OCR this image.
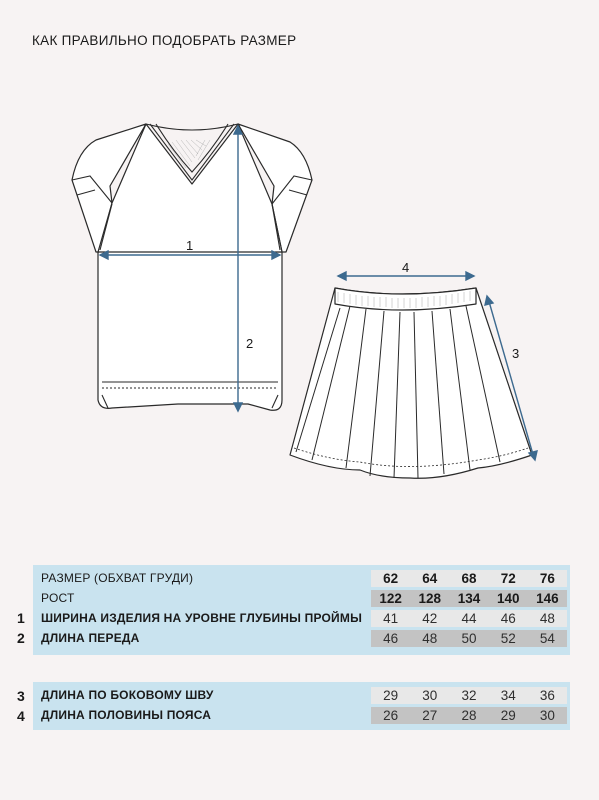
КАК ПРАВИЛЬНО ПОДОБРАТЬ РАЗМЕР
1
2
4
3
РАЗМЕР (ОБХВАТ ГРУДИ)	62	64	68	72	76
РОСТ	122	128	134	140	146
1 ШИРИНА ИЗДЕЛИЯ НА УРОВНЕ ГЛУБИНЫ ПРОЙМЫ	41	42	44	46	48
2 ДЛИНА ПЕРЕДА	46	48	50	52	54
3 ДЛИНА ПО БОКОВОМУ ШВУ	29	30	32	34	36
4 ДЛИНА ПОЛОВИНЫ ПОЯСА	26	27	28	29	30
